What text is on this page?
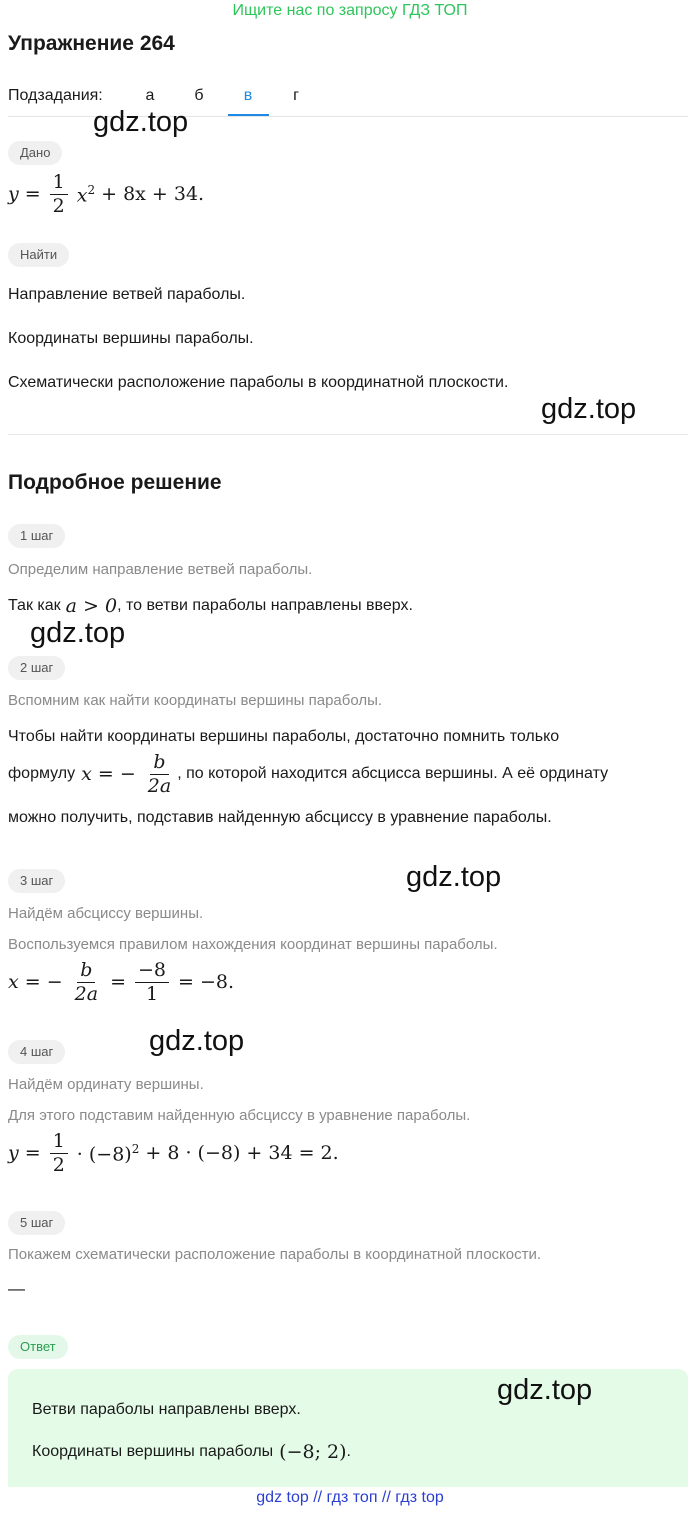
Ищите нас по запросу ГДЗ ТОП
Упражнение 264
Подзадания:	а	б	в	г
gdz.top
gdz.top
gdz.top
gdz.top
gdz.top
gdz.top
Дано
$y = \frac{1}{2} x^2 + 8x + 34$.
Найти
Направление ветвей параболы.
Координаты вершины параболы.
Схематически расположение параболы в координатной плоскости.
Подробное решение
1 шаг
Определим направление ветвей параболы.
Так как a > 0 , то ветви параболы направлены вверх.
2 шаг
Вспомним как найти координаты вершины параболы.
Чтобы найти координаты вершины параболы, достаточно помнить только
формулу x = − $\frac{b}{2a}$ , по которой находится абсцисса вершины. А её ординату
можно получить, подставив найденную абсциссу в уравнение параболы.
3 шаг
Найдём абсциссу вершины.
Воспользуемся правилом нахождения координат вершины параболы.
x = − $\frac{b}{2a} = \frac{-8}{1} = -8$.
4 шаг
Найдём ординату вершины.
Для этого подставим найденную абсциссу в уравнение параболы.
$y = \frac{1}{2} \cdot (-8)^2 + 8 \cdot (-8) + 34 = 2$.
5 шаг
Покажем схематически расположение параболы в координатной плоскости.
—
Ответ
Ветви параболы направлены вверх.
Координаты вершины параболы (−8; 2) .
gdz top // гдз топ // гдз top
